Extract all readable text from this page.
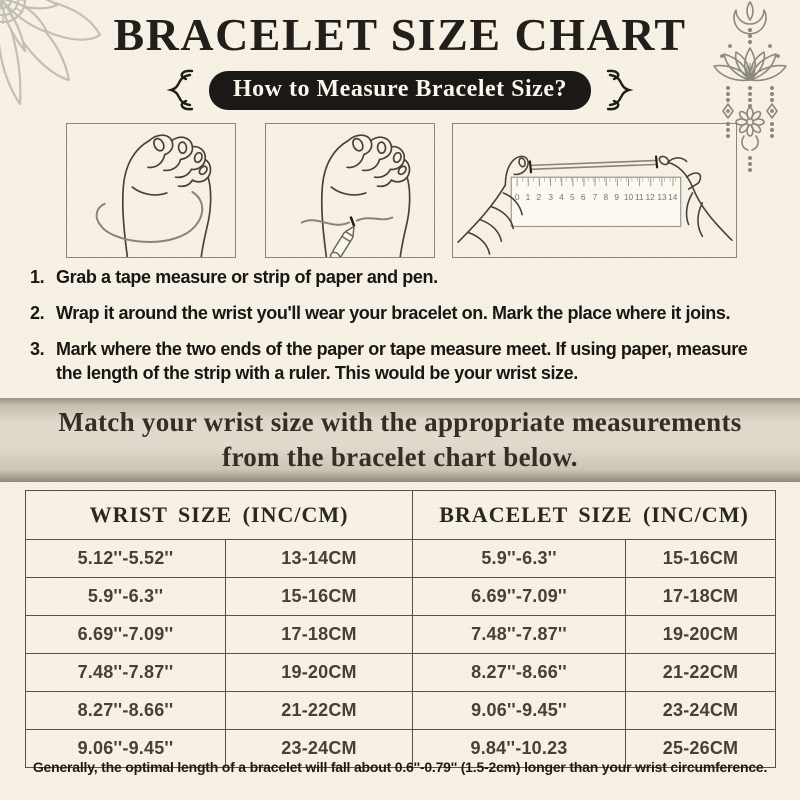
BRACELET SIZE CHART
How to Measure Bracelet Size?
0 1 2 3 4 5 6 7 8 9 10 11 12 13 14
1. Grab a tape measure or strip of paper and pen.
2. Wrap it around the wrist you'll wear your bracelet on. Mark the place where it joins.
3. Mark where the two ends of the paper or tape measure meet. If using paper, measure the length of the strip with a ruler. This would be your wrist size.
Match your wrist size with the appropriate measurements
from the bracelet chart below.
WRIST SIZE (INC/CM)		BRACELET SIZE (INC/CM)	
5.12''-5.52''	13-14CM	5.9''-6.3''	15-16CM
5.9''-6.3''	15-16CM	6.69''-7.09''	17-18CM
6.69''-7.09''	17-18CM	7.48''-7.87''	19-20CM
7.48''-7.87''	19-20CM	8.27''-8.66''	21-22CM
8.27''-8.66''	21-22CM	9.06''-9.45''	23-24CM
9.06''-9.45''	23-24CM	9.84''-10.23	25-26CM
Generally, the optimal length of a bracelet will fall about 0.6''-0.79'' (1.5-2cm) longer than your wrist circumference.
